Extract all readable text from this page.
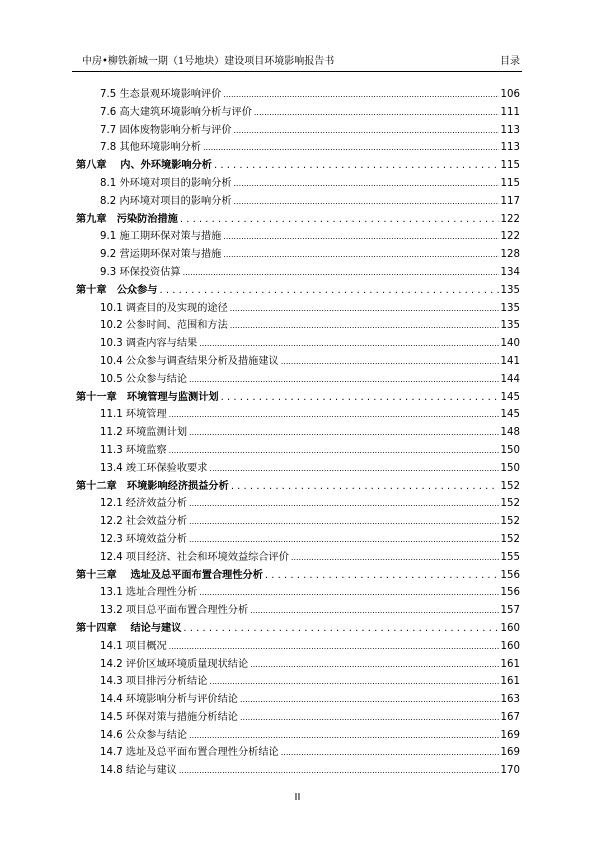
中房•柳铁新城一期（1号地块）建设项目环境影响报告书	目录
7.5 生态景观环境影响评价 .....	106
7.6 高大建筑环境影响分析与评价 .....	111
7.7 固体废物影响分析与评价 .....	113
7.8 其他环境影响分析 .....	113
第八章　 内、外环境影响分析 . . .	115
8.1 外环境对项目的影响分析 .....	115
8.2 内环境对项目的影响分析 .....	117
第九章　污染防治措施 . . .	122
9.1 施工期环保对策与措施 .....	122
9.2 营运期环保对策与措施 .....	128
9.3 环保投资估算 .....	134
第十章　公众参与 . . .	135
10.1 调查目的及实现的途径 .....	135
10.2 公参时间、范围和方法 .....	135
10.3 调查内容与结果 .....	140
10.4 公众参与调查结果分析及措施建议 .....	141
10.5 公众参与结论 .....	144
第十一章　环境管理与监测计划 . . .	145
11.1 环境管理 .....	145
11.2 环境监测计划 .....	148
11.3 环境监察 .....	150
13.4 竣工环保验收要求 .....	150
第十二章　环境影响经济损益分析 . . .	152
12.1 经济效益分析 .....	152
12.2 社会效益分析 .....	152
12.3 环境效益分析 .....	152
12.4 项目经济、社会和环境效益综合评价 .....	155
第十三章　 选址及总平面布置合理性分析 . . .	156
13.1 选址合理性分析 .....	156
13.2 项目总平面布置合理性分析 .....	157
第十四章　 结论与建议 . . .	160
14.1 项目概况 .....	160
14.2 评价区域环境质量现状结论 .....	161
14.3 项目排污分析结论 .....	161
14.4 环境影响分析与评价结论 .....	163
14.5 环保对策与措施分析结论 .....	167
14.6 公众参与结论 .....	169
14.7 选址及总平面布置合理性分析结论 .....	169
14.8 结论与建议 .....	170
II
